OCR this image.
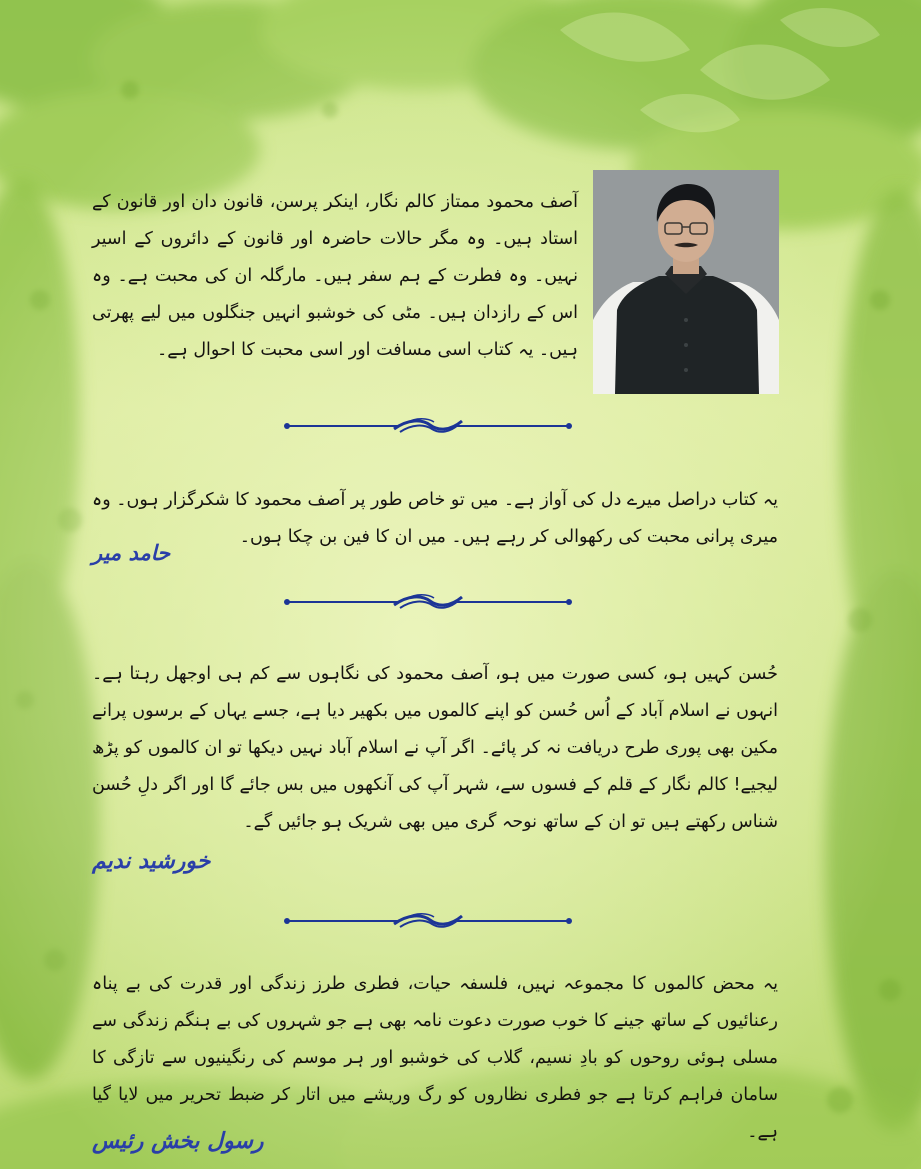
آصف محمود ممتاز کالم نگار، اینکر پرسن، قانون دان اور قانون کے استاد ہیں۔ وہ مگر حالات حاضرہ اور قانون کے دائروں کے اسیر نہیں۔ وہ فطرت کے ہم سفر ہیں۔ مارگلہ ان کی محبت ہے۔ وہ اس کے رازدان ہیں۔ مٹی کی خوشبو انہیں جنگلوں میں لیے پھرتی ہیں۔ یہ کتاب اسی مسافت اور اسی محبت کا احوال ہے۔
یہ کتاب دراصل میرے دل کی آواز ہے۔ میں تو خاص طور پر آصف محمود کا شکرگزار ہوں۔ وہ میری پرانی محبت کی رکھوالی کر رہے ہیں۔ میں ان کا فین بن چکا ہوں۔
حامد میر
حُسن کہیں ہو، کسی صورت میں ہو، آصف محمود کی نگاہوں سے کم ہی اوجھل رہتا ہے۔ انہوں نے اسلام آباد کے اُس حُسن کو اپنے کالموں میں بکھیر دیا ہے، جسے یہاں کے برسوں پرانے مکین بھی پوری طرح دریافت نہ کر پائے۔ اگر آپ نے اسلام آباد نہیں دیکھا تو ان کالموں کو پڑھ لیجیے! کالم نگار کے قلم کے فسوں سے، شہر آپ کی آنکھوں میں بس جائے گا اور اگر دلِ حُسن شناس رکھتے ہیں تو ان کے ساتھ نوحہ گری میں بھی شریک ہو جائیں گے۔
خورشید ندیم
یہ محض کالموں کا مجموعہ نہیں، فلسفہ حیات، فطری طرز زندگی اور قدرت کی بے پناہ رعنائیوں کے ساتھ جینے کا خوب صورت دعوت نامہ بھی ہے جو شہروں کی بے ہنگم زندگی سے مسلی ہوئی روحوں کو بادِ نسیم، گلاب کی خوشبو اور ہر موسم کی رنگینیوں سے تازگی کا سامان فراہم کرتا ہے جو فطری نظاروں کو رگ وریشے میں اتار کر ضبط تحریر میں لایا گیا ہے۔
رسول بخش رئیس
